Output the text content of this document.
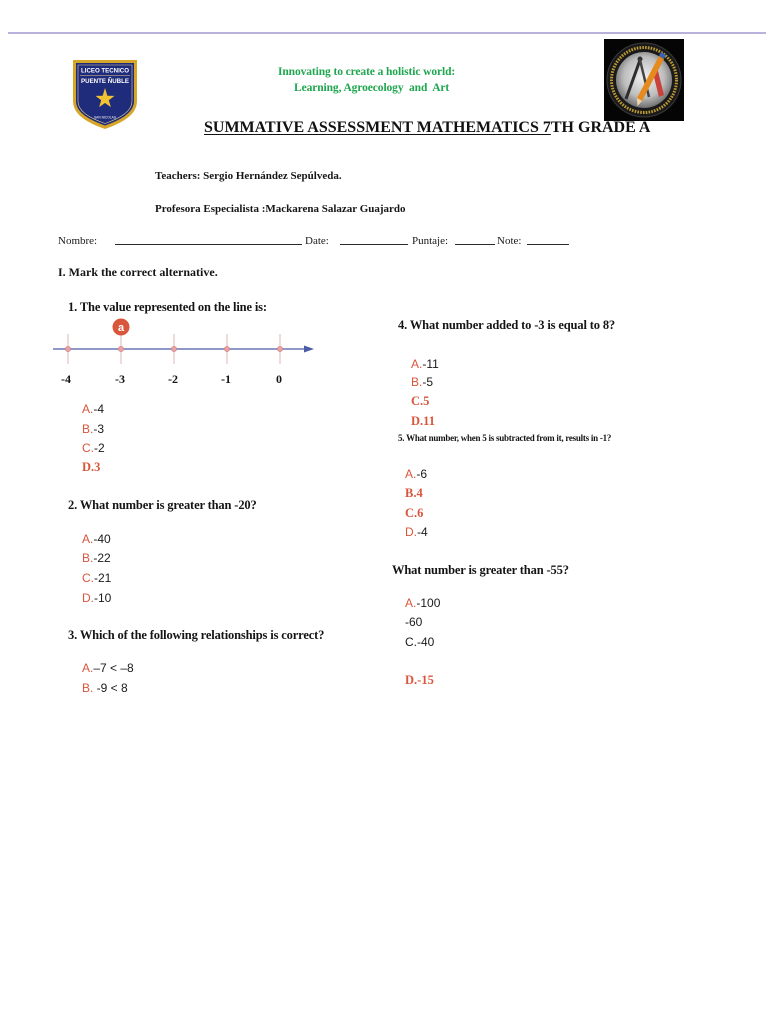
LICEO TECNICO
PUENTE ÑUBLE
SAN NICOLAS
Innovating to create a holistic world:
Learning, Agroecology  and  Art
SUMMATIVE ASSESSMENT MATHEMATICS 7TH GRADE A
Teachers: Sergio Hernández Sepúlveda.
Profesora Especialista :Mackarena Salazar Guajardo
Nombre:	Date:	Puntaje:	Note:
I. Mark the correct alternative.
1. The value represented on the line is:
a
-4	-3	-2	-1	0
A.-4
B.-3
C.-2
D.3
2. What number is greater than -20?
A.-40
B.-22
C.-21
D.-10
3. Which of the following relationships is correct?
A.–7 < –8
B. -9 < 8
4. What number added to -3 is equal to 8?
A.-11
B.-5
C.5
D.11
5. What number, when 5 is subtracted from it, results in -1?
A.-6
B.4
C.6
D.-4
What number is greater than -55?
A.-100
-60
C.-40
D.-15
